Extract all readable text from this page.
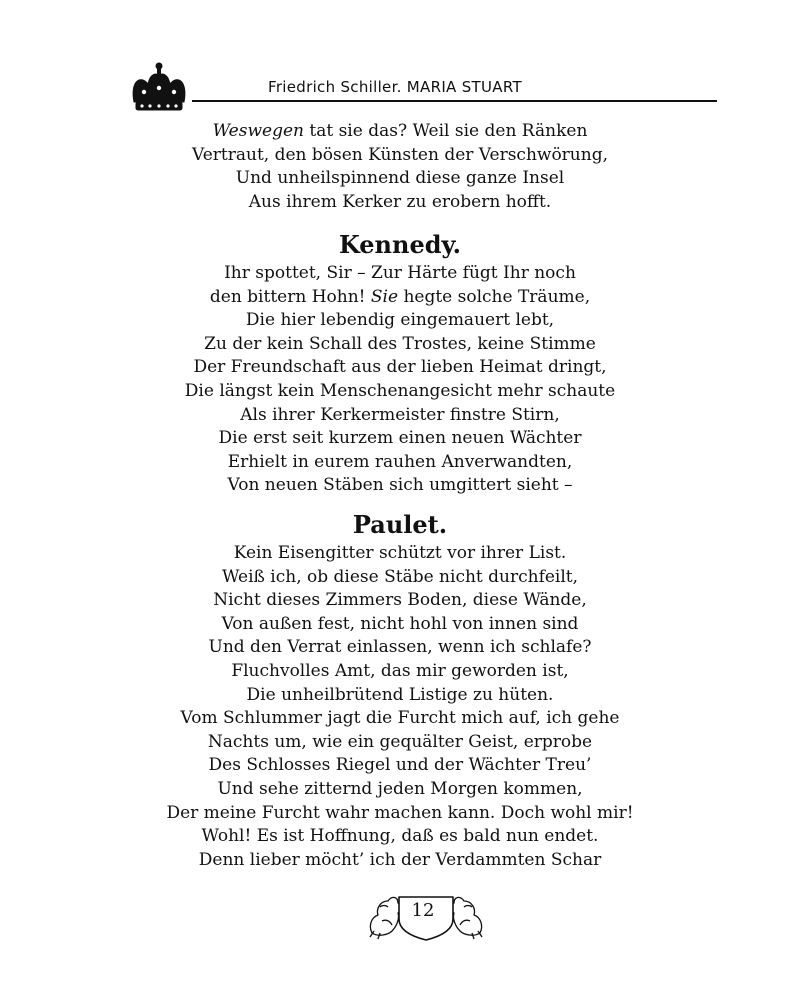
Friedrich Schiller. MARIA STUART
Weswegen tat sie das? Weil sie den Ränken
Vertraut, den bösen Künsten der Verschwörung,
Und unheilspinnend diese ganze Insel
Aus ihrem Kerker zu erobern hofft.
Kennedy.
Ihr spottet, Sir – Zur Härte fügt Ihr noch
den bittern Hohn! Sie hegte solche Träume,
Die hier lebendig eingemauert lebt,
Zu der kein Schall des Trostes, keine Stimme
Der Freundschaft aus der lieben Heimat dringt,
Die längst kein Menschenangesicht mehr schaute
Als ihrer Kerkermeister finstre Stirn,
Die erst seit kurzem einen neuen Wächter
Erhielt in eurem rauhen Anverwandten,
Von neuen Stäben sich umgittert sieht –
Paulet.
Kein Eisengitter schützt vor ihrer List.
Weiß ich, ob diese Stäbe nicht durchfeilt,
Nicht dieses Zimmers Boden, diese Wände,
Von außen fest, nicht hohl von innen sind
Und den Verrat einlassen, wenn ich schlafe?
Fluchvolles Amt, das mir geworden ist,
Die unheilbrütend Listige zu hüten.
Vom Schlummer jagt die Furcht mich auf, ich gehe
Nachts um, wie ein gequälter Geist, erprobe
Des Schlosses Riegel und der Wächter Treu’
Und sehe zitternd jeden Morgen kommen,
Der meine Furcht wahr machen kann. Doch wohl mir!
Wohl! Es ist Hoffnung, daß es bald nun endet.
Denn lieber möcht’ ich der Verdammten Schar
12
